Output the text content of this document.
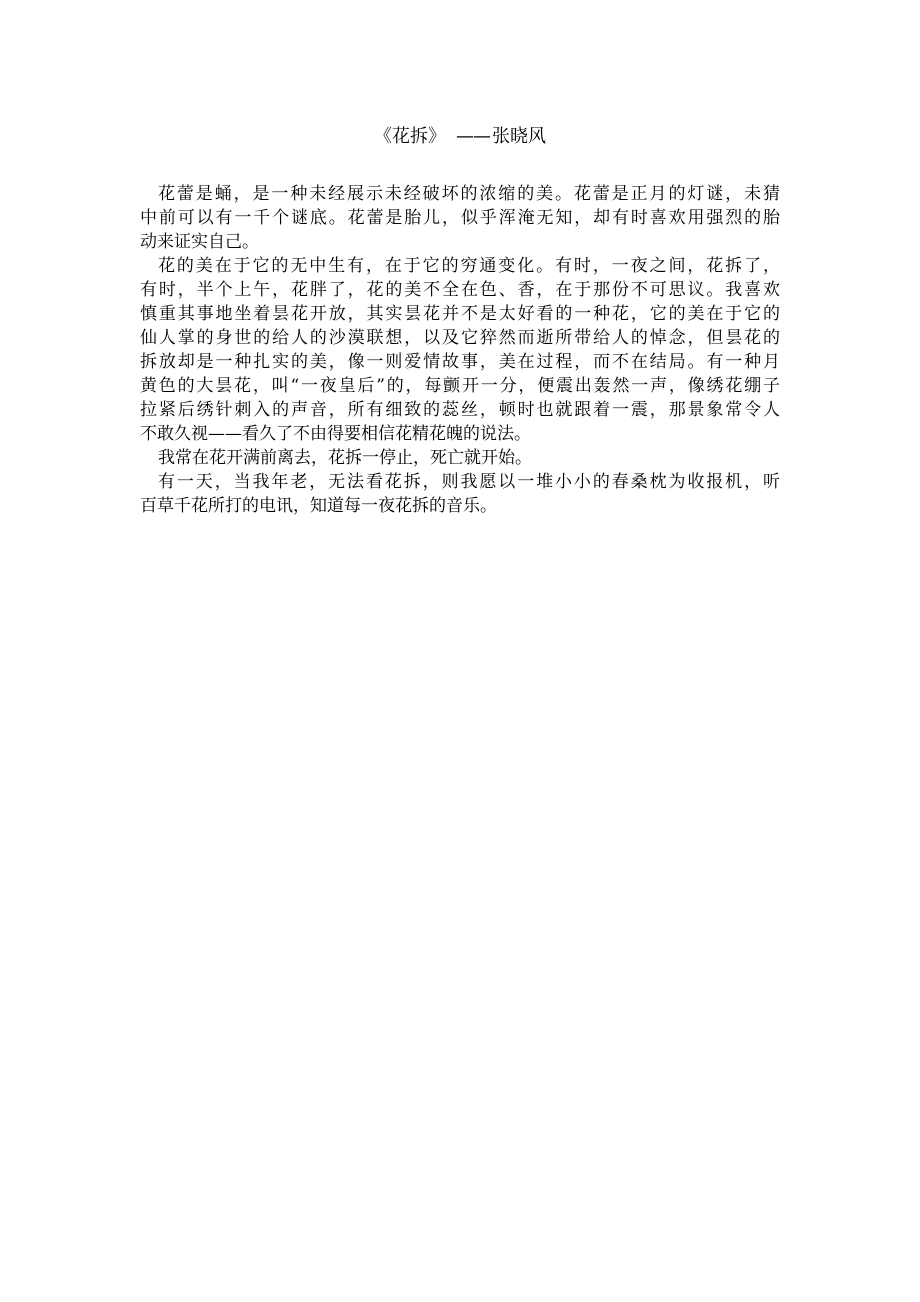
《花拆》 —— 张晓风
花蕾是蛹，是一种未经展示未经破坏的浓缩的美。花蕾是正月的灯谜，未猜
中前可以有一千个谜底。花蕾是胎儿，似乎浑淹无知，却有时喜欢用强烈的胎
动来证实自己。
花的美在于它的无中生有，在于它的穷通变化。有时，一夜之间，花拆了，
有时，半个上午，花胖了，花的美不全在色、香，在于那份不可思议。我喜欢
慎重其事地坐着昙花开放，其实昙花并不是太好看的一种花，它的美在于它的
仙人掌的身世的给人的沙漠联想，以及它猝然而逝所带给人的悼念，但昙花的
拆放却是一种扎实的美，像一则爱情故事，美在过程，而不在结局。有一种月
黄色的大昙花，叫“一夜皇后”的，每颤开一分，便震出轰然一声，像绣花绷子
拉紧后绣针刺入的声音，所有细致的蕊丝，顿时也就跟着一震，那景象常令人
不敢久视——看久了不由得要相信花精花魄的说法。
我常在花开满前离去，花拆一停止，死亡就开始。
有一天，当我年老，无法看花拆，则我愿以一堆小小的春桑枕为收报机，听
百草千花所打的电讯，知道每一夜花拆的音乐。
